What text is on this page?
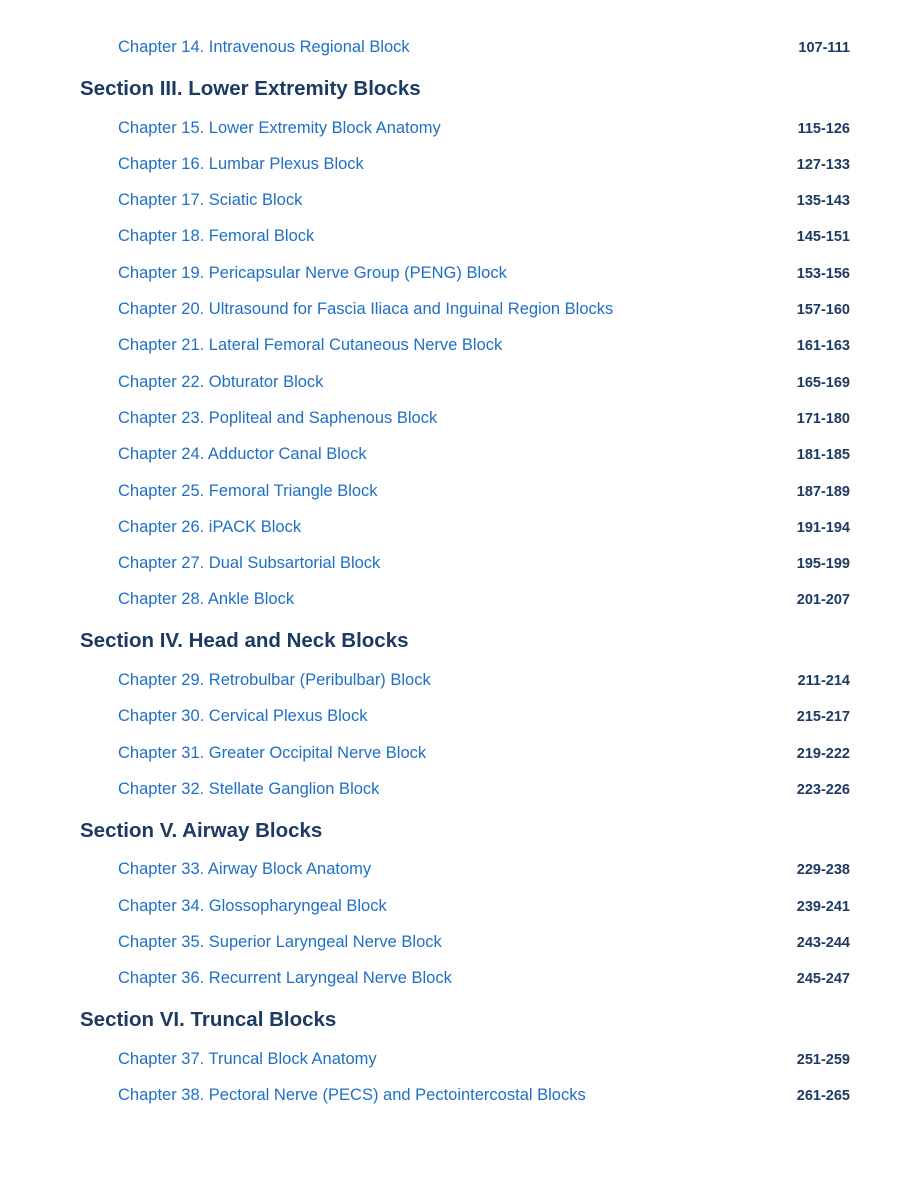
Chapter 14. Intravenous Regional Block	107-111
Section III. Lower Extremity Blocks
Chapter 15. Lower Extremity Block Anatomy	115-126
Chapter 16. Lumbar Plexus Block	127-133
Chapter 17. Sciatic Block	135-143
Chapter 18. Femoral Block	145-151
Chapter 19. Pericapsular Nerve Group (PENG) Block	153-156
Chapter 20. Ultrasound for Fascia Iliaca and Inguinal Region Blocks	157-160
Chapter 21. Lateral Femoral Cutaneous Nerve Block	161-163
Chapter 22. Obturator Block	165-169
Chapter 23. Popliteal and Saphenous Block	171-180
Chapter 24. Adductor Canal Block	181-185
Chapter 25. Femoral Triangle Block	187-189
Chapter 26. iPACK Block	191-194
Chapter 27. Dual Subsartorial Block	195-199
Chapter 28. Ankle Block	201-207
Section IV. Head and Neck Blocks
Chapter 29. Retrobulbar (Peribulbar) Block	211-214
Chapter 30. Cervical Plexus Block	215-217
Chapter 31. Greater Occipital Nerve Block	219-222
Chapter 32. Stellate Ganglion Block	223-226
Section V. Airway Blocks
Chapter 33. Airway Block Anatomy	229-238
Chapter 34. Glossopharyngeal Block	239-241
Chapter 35. Superior Laryngeal Nerve Block	243-244
Chapter 36. Recurrent Laryngeal Nerve Block	245-247
Section VI. Truncal Blocks
Chapter 37. Truncal Block Anatomy	251-259
Chapter 38. Pectoral Nerve (PECS) and Pectointercostal Blocks	261-265
